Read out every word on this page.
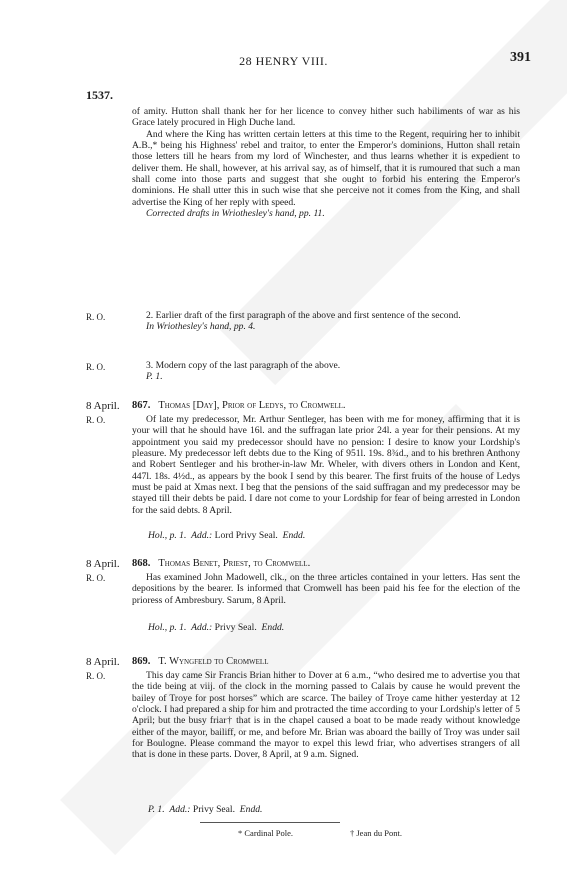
28 HENRY VIII.	391
1537.

of amity. Hutton shall thank her for her licence to convey hither such habiliments of war as his Grace lately procured in High Duche land.

And where the King has written certain letters at this time to the Regent, requiring her to inhibit A.B.,* being his Highness' rebel and traitor, to enter the Emperor's dominions, Hutton shall retain those letters till he hears from my lord of Winchester, and thus learns whether it is expedient to deliver them. He shall, however, at his arrival say, as of himself, that it is rumoured that such a man shall come into those parts and suggest that she ought to forbid his entering the Emperor's dominions. He shall utter this in such wise that she perceive not it comes from the King, and shall advertise the King of her reply with speed.

Corrected drafts in Wriothesley's hand, pp. 11.

R. O.	2. Earlier draft of the first paragraph of the above and first sentence of the second.

In Wriothesley's hand, pp. 4.

R. O.	3. Modern copy of the last paragraph of the above.

P. 1.

8 April.
R. O.
867. Thomas [Day], Prior of Ledys, to Cromwell.

Of late my predecessor, Mr. Arthur Sentleger, has been with me for money, affirming that it is your will that he should have 16l. and the suffragan late prior 24l. a year for their pensions. At my appointment you said my predecessor should have no pension: I desire to know your Lordship's pleasure. My predecessor left debts due to the King of 951l. 19s. 8¾d., and to his brethren Anthony and Robert Sentleger and his brother-in-law Mr. Wheler, with divers others in London and Kent, 447l. 18s. 4½d., as appears by the book I send by this bearer. The first fruits of the house of Ledys must be paid at Xmas next. I beg that the pensions of the said suffragan and my predecessor may be stayed till their debts be paid. I dare not come to your Lordship for fear of being arrested in London for the said debts. 8 April.

Hol., p. 1. Add.: Lord Privy Seal. Endd.
8 April.
R. O.
868. Thomas Benet, Priest, to Cromwell.

Has examined John Madowell, clk., on the three articles contained in your letters. Has sent the depositions by the bearer. Is informed that Cromwell has been paid his fee for the election of the prioress of Ambresbury. Sarum, 8 April.

Hol., p. 1. Add.: Privy Seal. Endd.
8 April.
R. O.
869. T. Wyngfeld to Cromwell

This day came Sir Francis Brian hither to Dover at 6 a.m., “who desired me to advertise you that the tide being at viij. of the clock in the morning passed to Calais by cause he would prevent the bailey of Troye for post horses” which are scarce. The bailey of Troye came hither yesterday at 12 o'clock. I had prepared a ship for him and protracted the time according to your Lordship's letter of 5 April; but the busy friar† that is in the chapel caused a boat to be made ready without knowledge either of the mayor, bailiff, or me, and before Mr. Brian was aboard the bailly of Troy was under sail for Boulogne. Please command the mayor to expel this lewd friar, who advertises strangers of all that is done in these parts. Dover, 8 April, at 9 a.m. Signed.

P. 1. Add.: Privy Seal. Endd.
* Cardinal Pole.	† Jean du Pont.
